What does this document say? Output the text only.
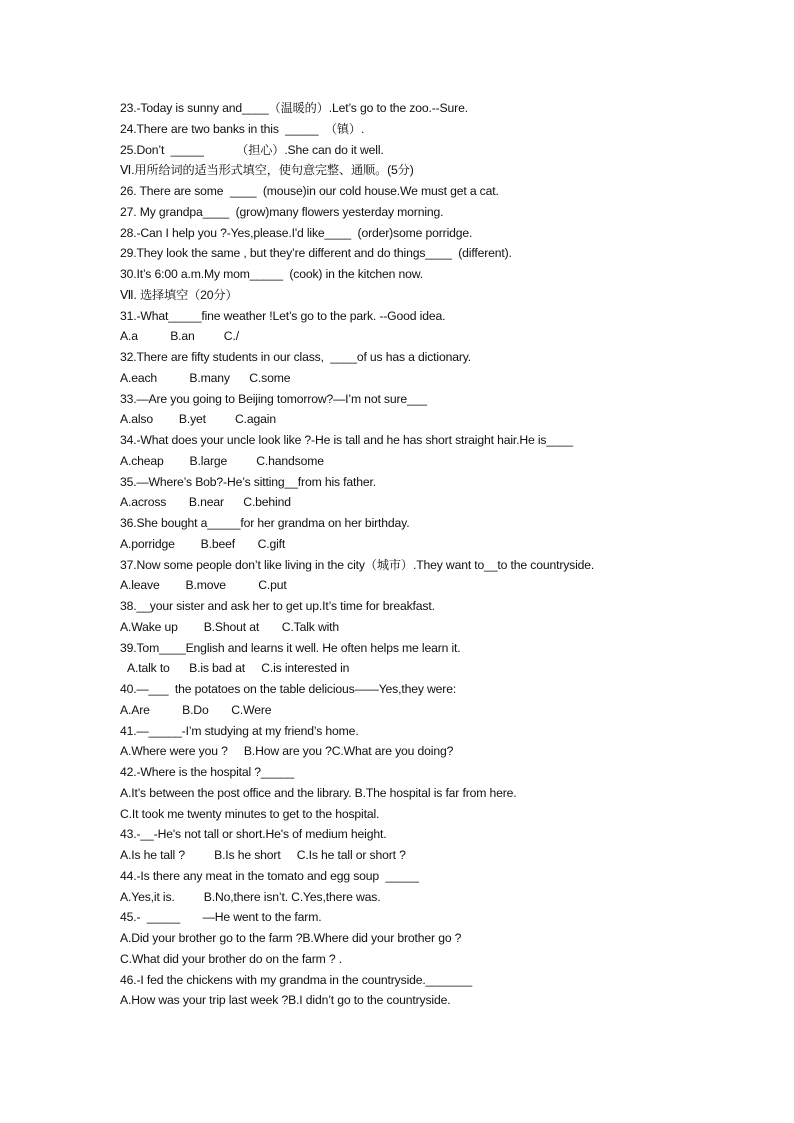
23.-Today is sunny and____（温暖的）.Let’s go to the zoo.--Sure.
24.There are two banks in this  _____  （镇）.
25.Don’t  _____          （担心）.She can do it well.
Ⅵ.用所给词的适当形式填空，使句意完整、通顺。(5分)
26. There are some  ____  (mouse)in our cold house.We must get a cat.
27. My grandpa____  (grow)many flowers yesterday morning.
28.-Can I help you ?-Yes,please.I'd like____  (order)some porridge.
29.They look the same , but they’re different and do things____  (different).
30.It’s 6:00 a.m.My mom_____  (cook) in the kitchen now.
Ⅶ. 选择填空（20分）
31.-What_____fine weather !Let’s go to the park. --Good idea.
A.a          B.an         C./
32.There are fifty students in our class,  ____of us has a dictionary.
A.each          B.many      C.some
33.—Are you going to Beijing tomorrow?—I’m not sure___
A.also        B.yet         C.again
34.-What does your uncle look like ?-He is tall and he has short straight hair.He is____
A.cheap        B.large         C.handsome
35.—Where’s Bob?-He’s sitting__from his father.
A.across       B.near      C.behind
36.She bought a_____for her grandma on her birthday.
A.porridge        B.beef       C.gift
37.Now some people don’t like living in the city（城市）.They want to__to the countryside.
A.leave        B.move          C.put
38.__your sister and ask her to get up.It’s time for breakfast.
A.Wake up        B.Shout at       C.Talk with
39.Tom____English and learns it well. He often helps me learn it.
A.talk to      B.is bad at     C.is interested in
40.—___  the potatoes on the table delicious——Yes,they were:
A.Are          B.Do       C.Were
41.—_____-I’m studying at my friend’s home.
A.Where were you ?     B.How are you ?C.What are you doing?
42.-Where is the hospital ?_____
A.It’s between the post office and the library. B.The hospital is far from here.
C.It took me twenty minutes to get to the hospital.
43.-__-He's not tall or short.He's of medium height.
A.Is he tall ?         B.Is he short     C.Is he tall or short ?
44.-Is there any meat in the tomato and egg soup  _____
A.Yes,it is.         B.No,there isn’t. C.Yes,there was.
45.-  _____       —He went to the farm.
A.Did your brother go to the farm ?B.Where did your brother go ?
C.What did your brother do on the farm ? .
46.-I fed the chickens with my grandma in the countryside._______
A.How was your trip last week ?B.I didn’t go to the countryside.
